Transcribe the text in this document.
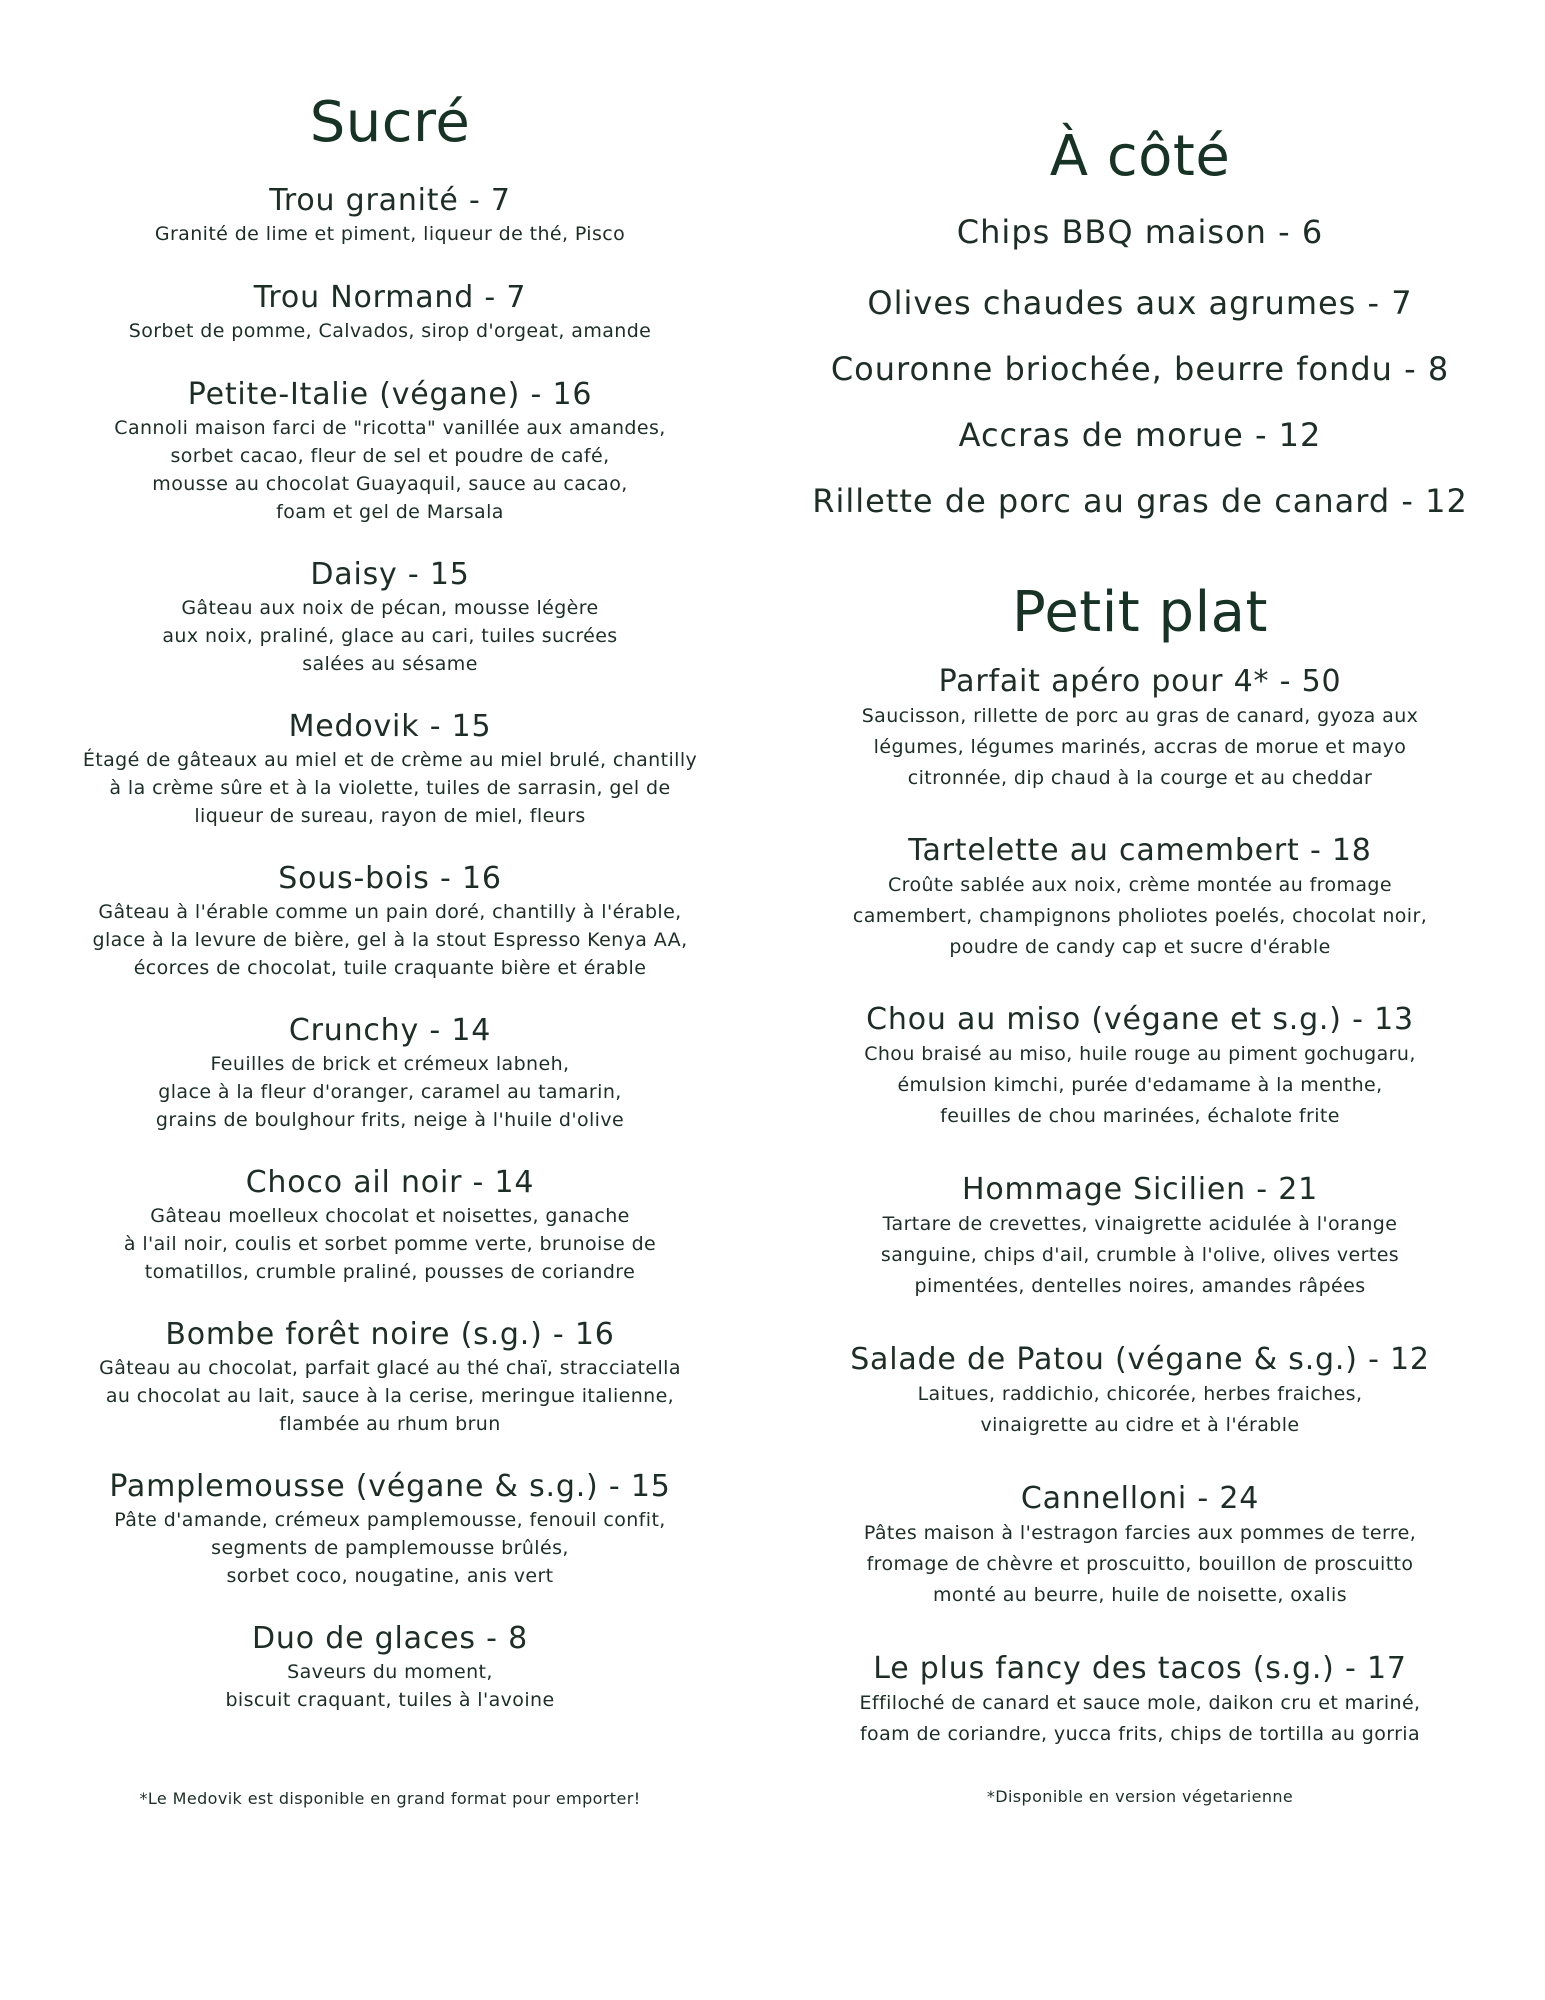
Sucré
Trou granité - 7
Granité de lime et piment, liqueur de thé, Pisco
Trou Normand - 7
Sorbet de pomme, Calvados, sirop d'orgeat, amande
Petite-Italie (végane) - 16
Cannoli maison farci de "ricotta" vanillée aux amandes,
sorbet cacao, fleur de sel et poudre de café,
mousse au chocolat Guayaquil, sauce au cacao,
foam et gel de Marsala
Daisy - 15
Gâteau aux noix de pécan, mousse légère
aux noix, praliné, glace au cari, tuiles sucrées
salées au sésame
Medovik - 15
Étagé de gâteaux au miel et de crème au miel brulé, chantilly
à la crème sûre et à la violette, tuiles de sarrasin, gel de
liqueur de sureau, rayon de miel, fleurs
Sous-bois - 16
Gâteau à l'érable comme un pain doré, chantilly à l'érable,
glace à la levure de bière, gel à la stout Espresso Kenya AA,
écorces de chocolat, tuile craquante bière et érable
Crunchy - 14
Feuilles de brick et crémeux labneh,
glace à la fleur d'oranger, caramel au tamarin,
grains de boulghour frits, neige à l'huile d'olive
Choco ail noir - 14
Gâteau moelleux chocolat et noisettes, ganache
à l'ail noir, coulis et sorbet pomme verte, brunoise de
tomatillos, crumble praliné, pousses de coriandre
Bombe forêt noire (s.g.) - 16
Gâteau au chocolat, parfait glacé au thé chaï, stracciatella
au chocolat au lait, sauce à la cerise, meringue italienne,
flambée au rhum brun
Pamplemousse (végane & s.g.) - 15
Pâte d'amande, crémeux pamplemousse, fenouil confit,
segments de pamplemousse brûlés,
sorbet coco, nougatine, anis vert
Duo de glaces - 8
Saveurs du moment,
biscuit craquant, tuiles à l'avoine
*Le Medovik est disponible en grand format pour emporter!
À côté
Chips BBQ maison - 6
Olives chaudes aux agrumes - 7
Couronne briochée, beurre fondu - 8
Accras de morue - 12
Rillette de porc au gras de canard - 12
Petit plat
Parfait apéro pour 4* - 50
Saucisson, rillette de porc au gras de canard, gyoza aux
légumes, légumes marinés, accras de morue et mayo
citronnée, dip chaud à la courge et au cheddar
Tartelette au camembert - 18
Croûte sablée aux noix, crème montée au fromage
camembert, champignons pholiotes poelés, chocolat noir,
poudre de candy cap et sucre d'érable
Chou au miso (végane et s.g.) - 13
Chou braisé au miso, huile rouge au piment gochugaru,
émulsion kimchi, purée d'edamame à la menthe,
feuilles de chou marinées, échalote frite
Hommage Sicilien - 21
Tartare de crevettes, vinaigrette acidulée à l'orange
sanguine, chips d'ail, crumble à l'olive, olives vertes
pimentées, dentelles noires, amandes râpées
Salade de Patou (végane & s.g.) - 12
Laitues, raddichio, chicorée, herbes fraiches,
vinaigrette au cidre et à l'érable
Cannelloni - 24
Pâtes maison à l'estragon farcies aux pommes de terre,
fromage de chèvre et proscuitto, bouillon de proscuitto
monté au beurre, huile de noisette, oxalis
Le plus fancy des tacos (s.g.) - 17
Effiloché de canard et sauce mole, daikon cru et mariné,
foam de coriandre, yucca frits, chips de tortilla au gorria
*Disponible en version végetarienne
